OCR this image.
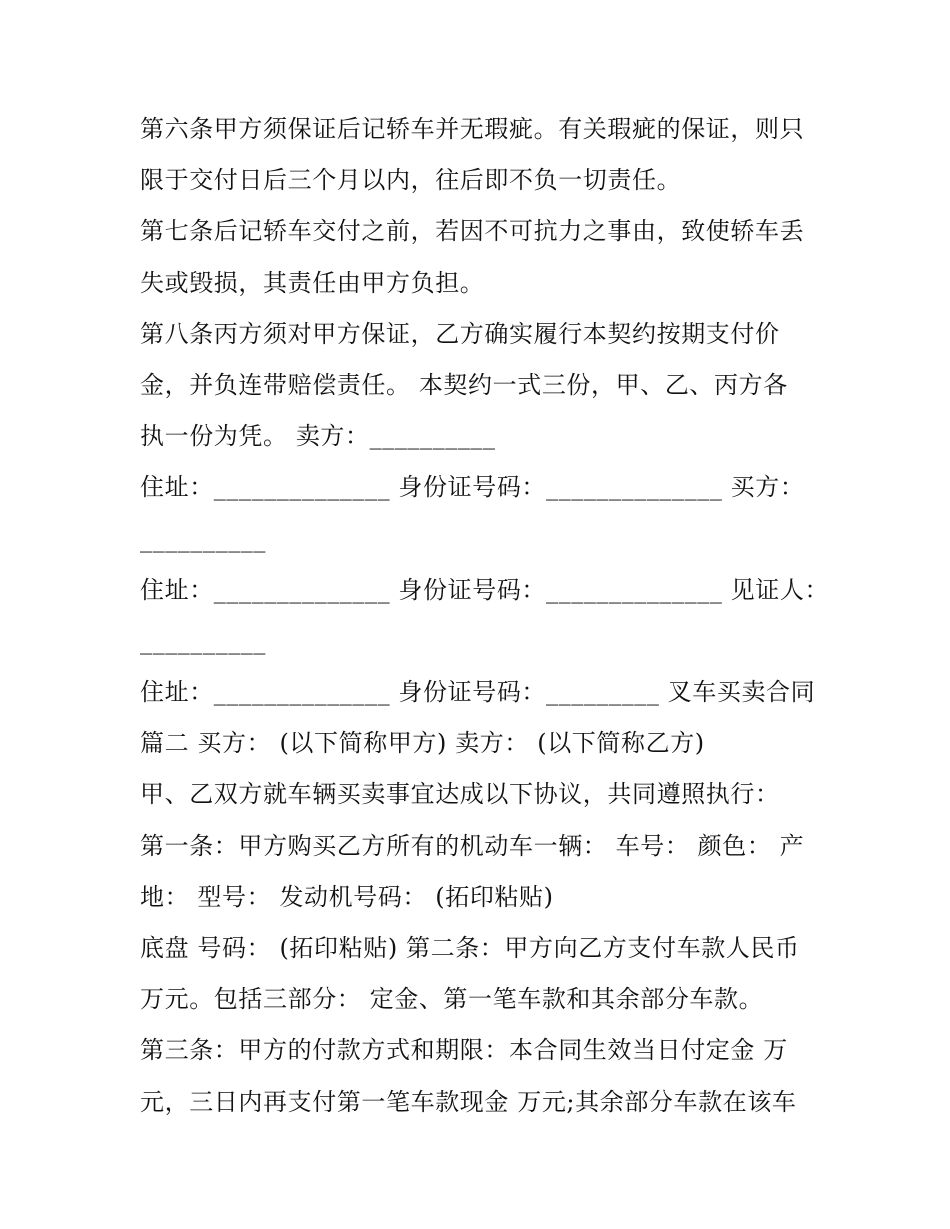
第六条甲方须保证后记轿车并无瑕疵。有关瑕疵的保证，则只
限于交付日后三个月以内，往后即不负一切责任。
第七条后记轿车交付之前，若因不可抗力之事由，致使轿车丢
失或毁损，其责任由甲方负担。
第八条丙方须对甲方保证，乙方确实履行本契约按期支付价
金，并负连带赔偿责任。 本契约一式三份，甲、乙、丙方各
执一份为凭。 卖方：__________
住址：______________ 身份证号码：______________ 买方：
__________
住址：______________ 身份证号码：______________ 见证人：
__________
住址：______________ 身份证号码：_________ 叉车买卖合同
篇二 买方： (以下简称甲方) 卖方： (以下简称乙方)
甲、乙双方就车辆买卖事宜达成以下协议，共同遵照执行：
第一条：甲方购买乙方所有的机动车一辆： 车号： 颜色： 产
地： 型号： 发动机号码： (拓印粘贴)
底盘 号码： (拓印粘贴) 第二条：甲方向乙方支付车款人民币
万元。包括三部分： 定金、第一笔车款和其余部分车款。
第三条：甲方的付款方式和期限：本合同生效当日付定金 万
元，三日内再支付第一笔车款现金 万元;其余部分车款在该车
